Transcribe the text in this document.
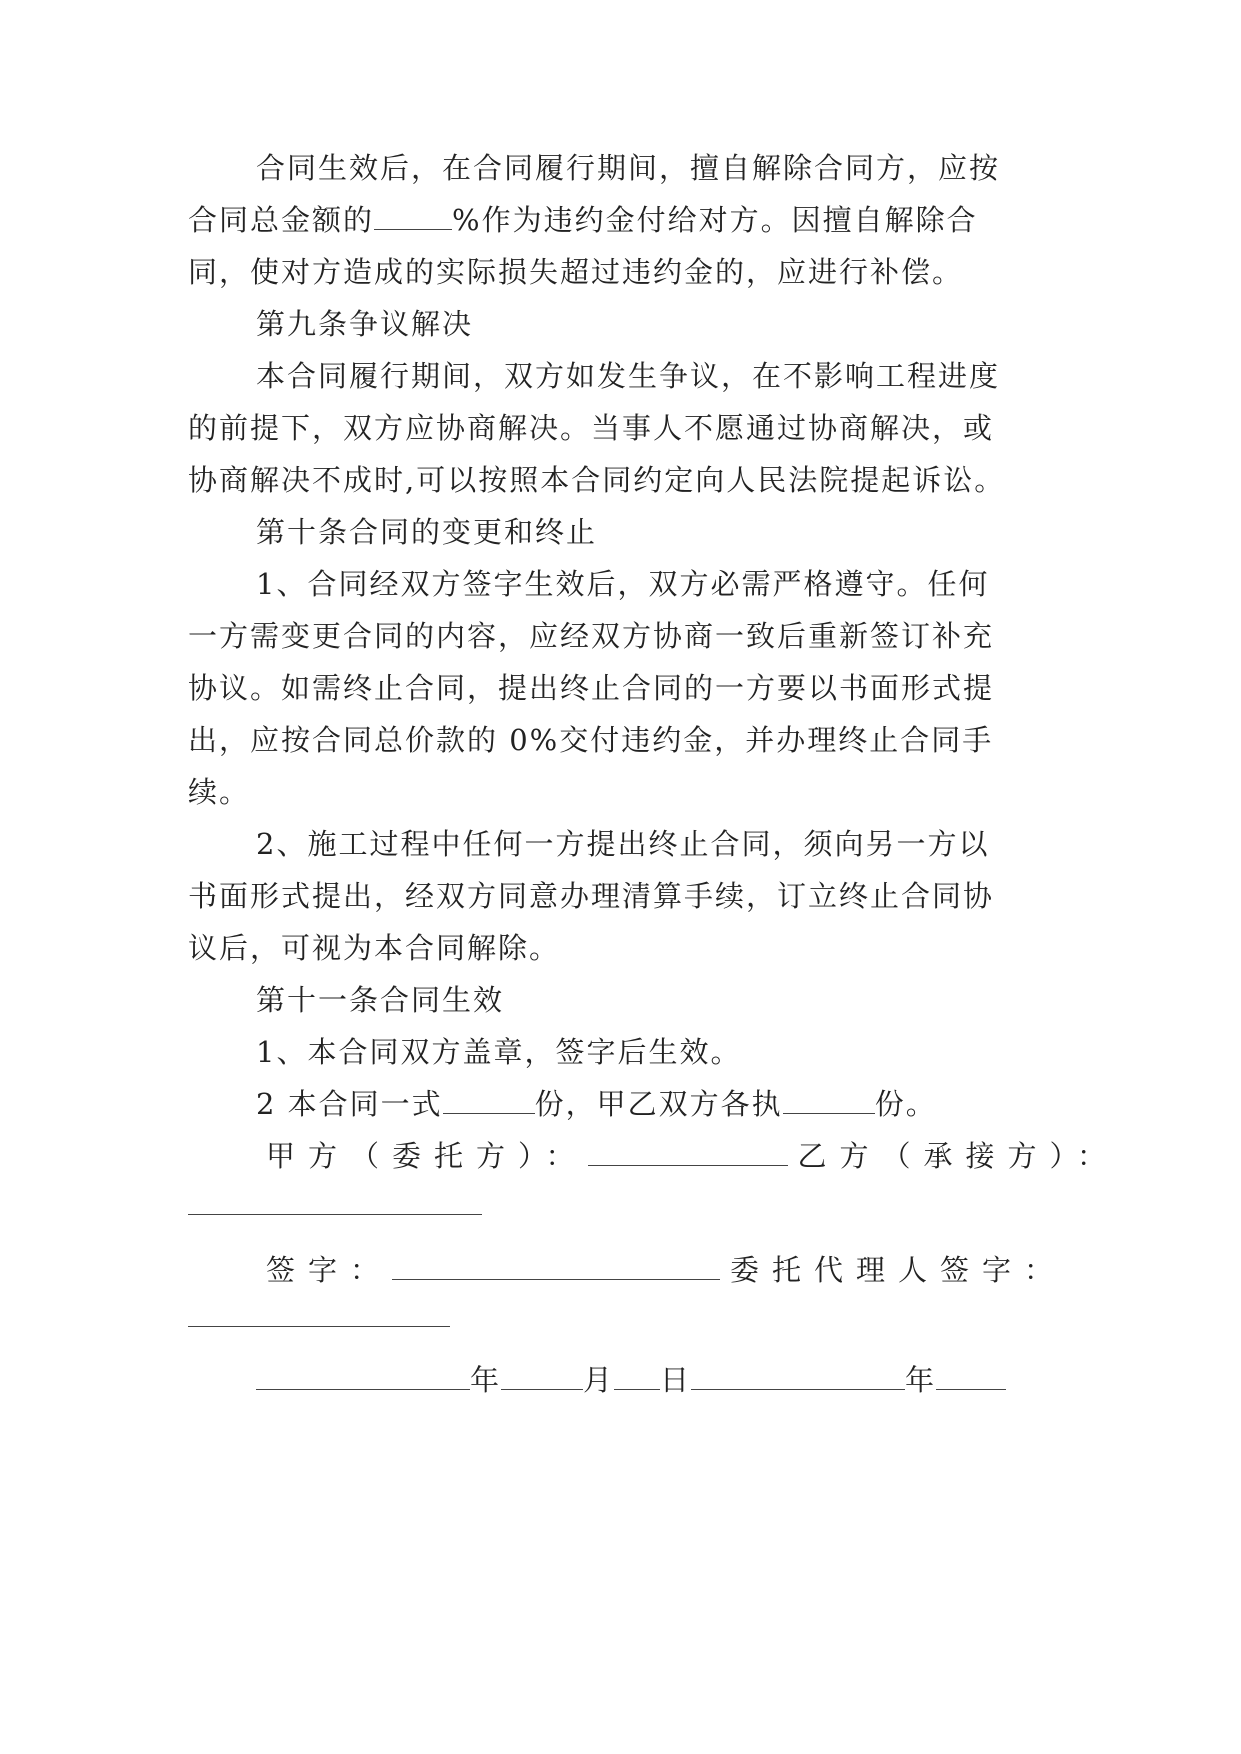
合同生效后，在合同履行期间，擅自解除合同方，应按
合同总金额的	%作为违约金付给对方。因擅自解除合
同，使对方造成的实际损失超过违约金的，应进行补偿。
第九条争议解决
本合同履行期间，双方如发生争议，在不影响工程进度
的前提下，双方应协商解决。当事人不愿通过协商解决，或
协商解决不成时,可以按照本合同约定向人民法院提起诉讼。
第十条合同的变更和终止
1、合同经双方签字生效后，双方必需严格遵守。任何
一方需变更合同的内容，应经双方协商一致后重新签订补充
协议。如需终止合同，提出终止合同的一方要以书面形式提
出，应按合同总价款的 0%交付违约金，并办理终止合同手
续。
2、施工过程中任何一方提出终止合同，须向另一方以
书面形式提出，经双方同意办理清算手续，订立终止合同协
议后，可视为本合同解除。
第十一条合同生效
1、本合同双方盖章，签字后生效。
2 本合同一式	份，甲乙双方各执	份。
甲方（委托方）：	乙方（承接方）：
签字：	委托代理人签字：
年	月 日	年
